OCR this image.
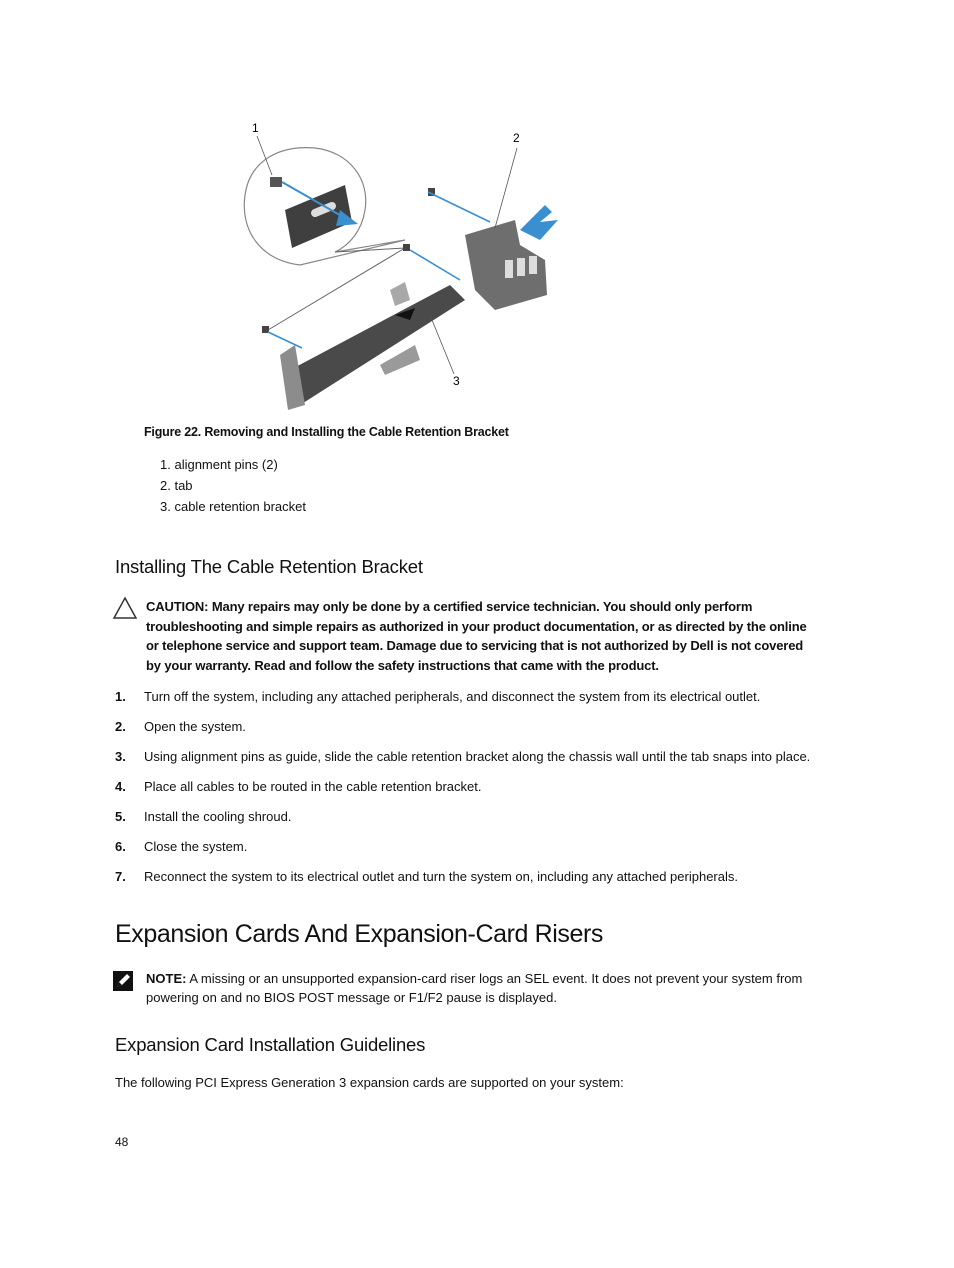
1
2
3
Figure 22. Removing and Installing the Cable Retention Bracket
1. alignment pins (2)
2. tab
3. cable retention bracket
Installing The Cable Retention Bracket
CAUTION: Many repairs may only be done by a certified service technician. You should only perform troubleshooting and simple repairs as authorized in your product documentation, or as directed by the online or telephone service and support team. Damage due to servicing that is not authorized by Dell is not covered by your warranty. Read and follow the safety instructions that came with the product.
1. Turn off the system, including any attached peripherals, and disconnect the system from its electrical outlet.
2. Open the system.
3. Using alignment pins as guide, slide the cable retention bracket along the chassis wall until the tab snaps into place.
4. Place all cables to be routed in the cable retention bracket.
5. Install the cooling shroud.
6. Close the system.
7. Reconnect the system to its electrical outlet and turn the system on, including any attached peripherals.
Expansion Cards And Expansion-Card Risers
NOTE: A missing or an unsupported expansion-card riser logs an SEL event. It does not prevent your system from powering on and no BIOS POST message or F1/F2 pause is displayed.
Expansion Card Installation Guidelines
The following PCI Express Generation 3 expansion cards are supported on your system:
48
